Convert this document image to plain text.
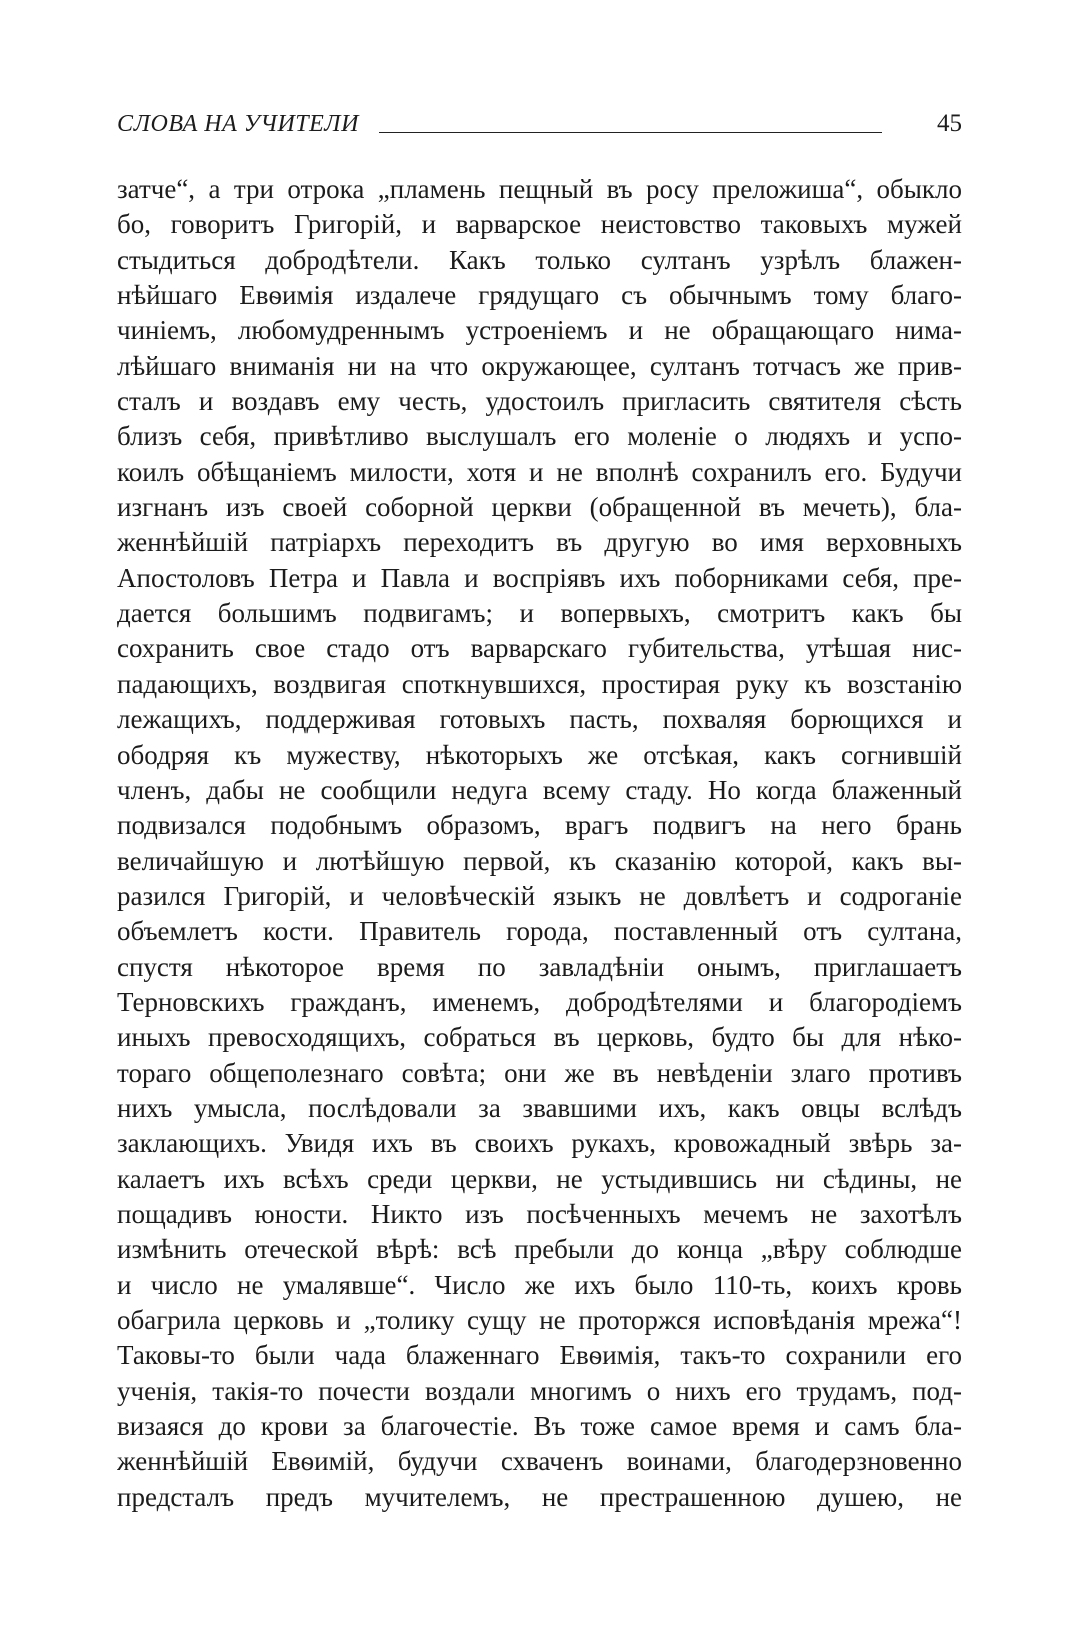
СЛОВА НА УЧИТЕЛИ	45
затче“, а три отрока „пламень пещный въ росу преложиша“, обыкло
бо, говоритъ Григорій, и варварское неистовство таковыхъ мужей
стыдиться добродѣтели. Какъ только султанъ узрѣлъ блажен-
нѣйшаго Евѳимія издалече грядущаго съ обычнымъ тому благо-
чиніемъ, любомудреннымъ устроеніемъ и не обращающаго нима-
лѣйшаго вниманія ни на что окружающее, султанъ тотчасъ же прив-
сталъ и воздавъ ему честь, удостоилъ пригласить святителя сѣсть
близъ себя, привѣтливо выслушалъ его моленіе о людяхъ и успо-
коилъ обѣщаніемъ милости, хотя и не вполнѣ сохранилъ его. Будучи
изгнанъ изъ своей соборной церкви (обращенной въ мечеть), бла-
женнѣйшій патріархъ переходитъ въ другую во имя верховныхъ
Апостоловъ Петра и Павла и воспріявъ ихъ поборниками себя, пре-
дается большимъ подвигамъ; и вопервыхъ, смотритъ какъ бы
сохранить свое стадо отъ варварскаго губительства, утѣшая нис-
падающихъ, воздвигая споткнувшихся, простирая руку къ возстанію
лежащихъ, поддерживая готовыхъ пасть, похваляя борющихся и
ободряя къ мужеству, нѣкоторыхъ же отсѣкая, какъ согнившій
членъ, дабы не сообщили недуга всему стаду. Но когда блаженный
подвизался подобнымъ образомъ, врагъ подвигъ на него брань
величайшую и лютѣйшую первой, къ сказанію которой, какъ вы-
разился Григорій, и человѣческій языкъ не довлѣетъ и содроганіе
объемлетъ кости. Правитель города, поставленный отъ султана,
спустя нѣкоторое время по завладѣніи онымъ, приглашаетъ
Терновскихъ гражданъ, именемъ, добродѣтелями и благородіемъ
иныхъ превосходящихъ, собраться въ церковь, будто бы для нѣко-
тораго общеполезнаго совѣта; они же въ невѣденіи злаго противъ
нихъ умысла, послѣдовали за звавшими ихъ, какъ овцы вслѣдъ
заклающихъ. Увидя ихъ въ своихъ рукахъ, кровожадный звѣрь за-
калаетъ ихъ всѣхъ среди церкви, не устыдившись ни сѣдины, не
пощадивъ юности. Никто изъ посѣченныхъ мечемъ не захотѣлъ
измѣнить отеческой вѣрѣ: всѣ пребыли до конца „вѣру соблюдше
и число не умалявше“. Число же ихъ было 110-ть, коихъ кровь
обагрила церковь и „толику сущу не проторжся исповѣданія мрежа“!
Таковы-то были чада блаженнаго Евѳимія, такъ-то сохранили его
ученія, такія-то почести воздали многимъ о нихъ его трудамъ, под-
визаяся до крови за благочестіе. Въ тоже самое время и самъ бла-
женнѣйшій Евѳимій, будучи схваченъ воинами, благодерзновенно
предсталъ предъ мучителемъ, не престрашенною душею, не
